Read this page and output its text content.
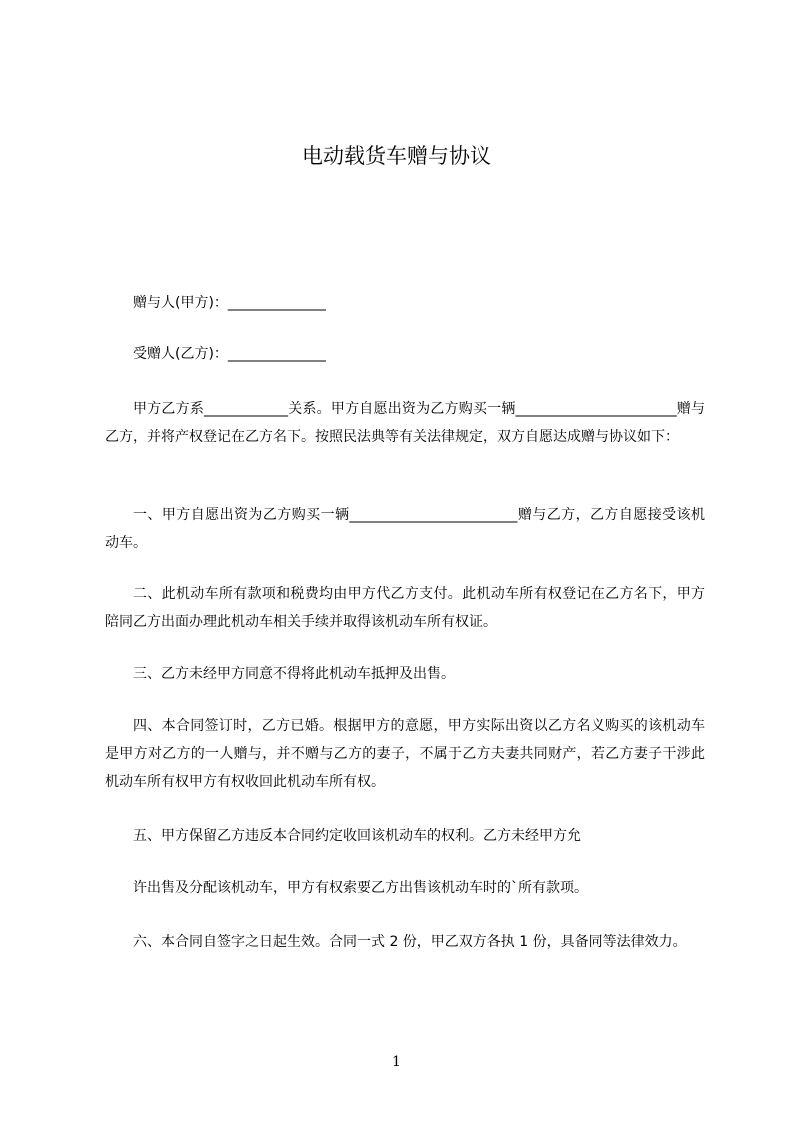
电动载货车赠与协议
赠与人(甲方)：______________
受赠人(乙方)：______________
甲方乙方系____________关系。甲方自愿出资为乙方购买一辆_______________________赠与乙方，并将产权登记在乙方名下。按照民法典等有关法律规定，双方自愿达成赠与协议如下：
一、甲方自愿出资为乙方购买一辆________________________赠与乙方，乙方自愿接受该机动车。
二、此机动车所有款项和税费均由甲方代乙方支付。此机动车所有权登记在乙方名下，甲方陪同乙方出面办理此机动车相关手续并取得该机动车所有权证。
三、乙方未经甲方同意不得将此机动车抵押及出售。
四、本合同签订时，乙方已婚。根据甲方的意愿，甲方实际出资以乙方名义购买的该机动车是甲方对乙方的一人赠与，并不赠与乙方的妻子，不属于乙方夫妻共同财产，若乙方妻子干涉此机动车所有权甲方有权收回此机动车所有权。
五、甲方保留乙方违反本合同约定收回该机动车的权利。乙方未经甲方允
许出售及分配该机动车，甲方有权索要乙方出售该机动车时的`所有款项。
六、本合同自签字之日起生效。合同一式 2 份，甲乙双方各执 1 份，具备同等法律效力。
1
